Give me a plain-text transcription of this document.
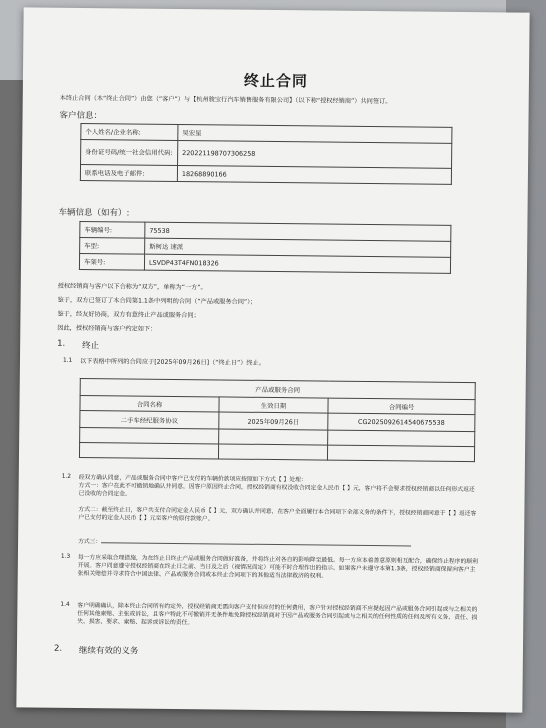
终止合同
本终止合同（本“终止合同”）由您（“客户”）与【杭州骏宝行汽车销售服务有限公司】（以下称“授权经销商”）共同签订。
客户信息：
个人姓名/企业名称:	吴宏星
身份证号码/统一社会信用代码:	220221198707306258
联系电话及电子邮件:	18268890166
车辆信息（如有）:
车辆编号:	75538
车型:	斯柯达 速派
车架号:	LSVDP43T4FN018326
授权经销商与客户以下合称为“双方”，单称为“一方”。
鉴于，双方已签订了本合同第1.1条中列明的合同（“产品或服务合同”）；
鉴于，经友好协商，双方有意终止产品或服务合同；
因此，授权经销商与客户约定如下：
1. 终止
1.1 以下表格中所列的合同应于[2025年09月26日]（“终止日”）终止。
产品或服务合同		
合同名称	生效日期	合同编号
二手车经纪服务协议	2025年09月26日	CG2025092614540675538

1.2 经双方确认同意，产品或服务合同中客户已支付的车辆价款项应按照如下方式【 】处理：
方式一：客户在此不可撤销地确认并同意，因客户原因终止合同，授权经销商有权没收合同定金人民币【 】元，客户将不会要求授权经销商以任何形式返还已没收的合同定金。
方式二：截至终止日，客户共支付合同定金人民币【 】元，双方确认并同意，在客户全面履行本合同项下全部义务的条件下，授权经销商同意于【 】返还客户已支付的定金人民币【 】元至客户的原付款账户。
方式三：
1.3 每一方应采取合理措施，为在终止日终止产品或服务合同做好准备，并将终止对各自的影响降至最低。每一方应本着善意原则相互配合，确保终止程序的顺利开展。客户同意遵守授权经销商在终止日之前、当日及之后（视情况而定）可能不时合理作出的指示。如果客户未遵守本第1.3条，授权经销商保留向客户主张相关赔偿并寻求符合中国法律、产品或服务合同或本终止合同项下的其他适当法律救济的权利。
1.4 客户明确确认，除本终止合同所有约定外，授权经销商无需向客户支付但应付的任何费用，客户针对授权经销商不应提起因产品或服务合同引起或与之相关的任何其他索赔、主张或诉讼，且客户特此不可撤销并无条件地免除授权经销商对于因产品或服务合同引起或与之相关的任何性质的任何及所有义务、责任、损失、损害、要求、索赔、起诉或诉讼的责任。
2. 继续有效的义务
